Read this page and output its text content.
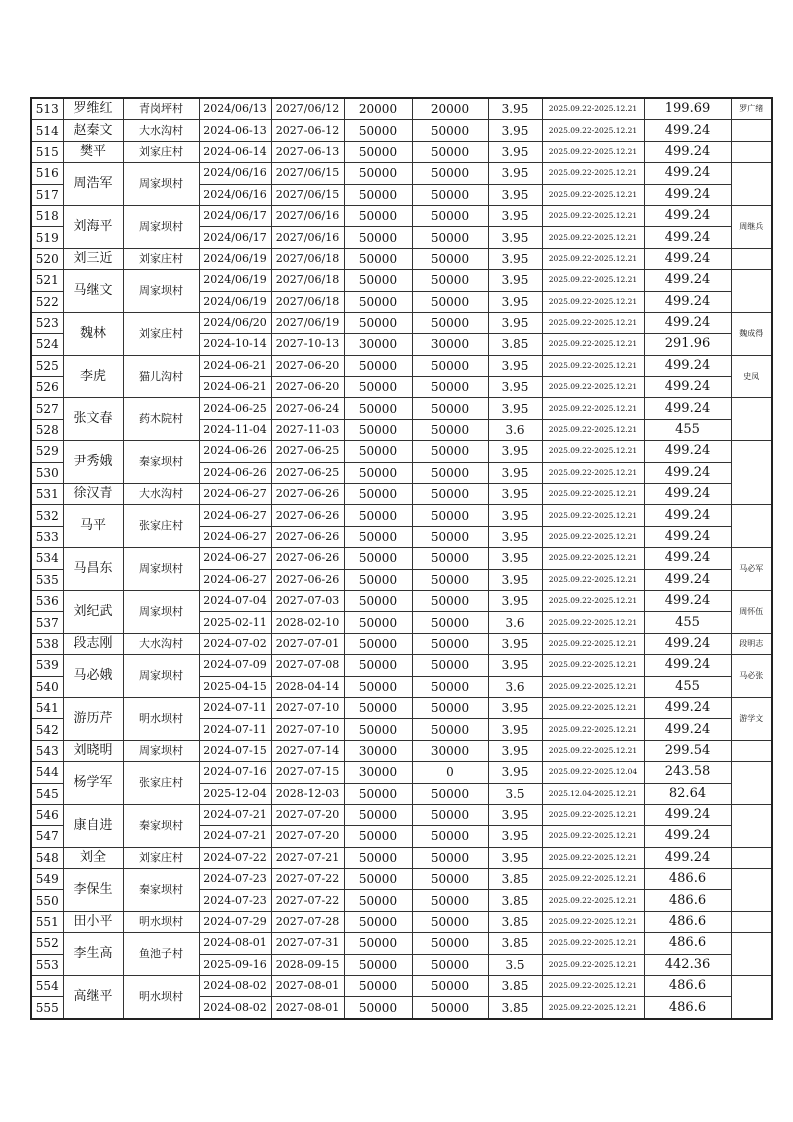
513	罗维红	青岗坪村	2024/06/13	2027/06/12	20000	20000	3.95	2025.09.22-2025.12.21	199.69	罗广绪
514	赵秦文	大水沟村	2024-06-13	2027-06-12	50000	50000	3.95	2025.09.22-2025.12.21	499.24	
515	樊平	刘家庄村	2024-06-14	2027-06-13	50000	50000	3.95	2025.09.22-2025.12.21	499.24	
516	周浩军	周家坝村	2024/06/16	2027/06/15	50000	50000	3.95	2025.09.22-2025.12.21	499.24	
517			2024/06/16	2027/06/15	50000	50000	3.95	2025.09.22-2025.12.21	499.24	
518	刘海平	周家坝村	2024/06/17	2027/06/16	50000	50000	3.95	2025.09.22-2025.12.21	499.24	周继兵
519			2024/06/17	2027/06/16	50000	50000	3.95	2025.09.22-2025.12.21	499.24	
520	刘三近	刘家庄村	2024/06/19	2027/06/18	50000	50000	3.95	2025.09.22-2025.12.21	499.24	
521	马继文	周家坝村	2024/06/19	2027/06/18	50000	50000	3.95	2025.09.22-2025.12.21	499.24	
522			2024/06/19	2027/06/18	50000	50000	3.95	2025.09.22-2025.12.21	499.24	
523	魏林	刘家庄村	2024/06/20	2027/06/19	50000	50000	3.95	2025.09.22-2025.12.21	499.24	魏成得
524			2024-10-14	2027-10-13	30000	30000	3.85	2025.09.22-2025.12.21	291.96	
525	李虎	猫儿沟村	2024-06-21	2027-06-20	50000	50000	3.95	2025.09.22-2025.12.21	499.24	史凤
526			2024-06-21	2027-06-20	50000	50000	3.95	2025.09.22-2025.12.21	499.24	
527	张文春	药木院村	2024-06-25	2027-06-24	50000	50000	3.95	2025.09.22-2025.12.21	499.24	
528			2024-11-04	2027-11-03	50000	50000	3.6	2025.09.22-2025.12.21	455	
529	尹秀娥	秦家坝村	2024-06-26	2027-06-25	50000	50000	3.95	2025.09.22-2025.12.21	499.24	
530			2024-06-26	2027-06-25	50000	50000	3.95	2025.09.22-2025.12.21	499.24	
531	徐汉青	大水沟村	2024-06-27	2027-06-26	50000	50000	3.95	2025.09.22-2025.12.21	499.24	
532	马平	张家庄村	2024-06-27	2027-06-26	50000	50000	3.95	2025.09.22-2025.12.21	499.24	
533			2024-06-27	2027-06-26	50000	50000	3.95	2025.09.22-2025.12.21	499.24	
534	马昌东	周家坝村	2024-06-27	2027-06-26	50000	50000	3.95	2025.09.22-2025.12.21	499.24	马必军
535			2024-06-27	2027-06-26	50000	50000	3.95	2025.09.22-2025.12.21	499.24	
536	刘纪武	周家坝村	2024-07-04	2027-07-03	50000	50000	3.95	2025.09.22-2025.12.21	499.24	周怀伍
537			2025-02-11	2028-02-10	50000	50000	3.6	2025.09.22-2025.12.21	455	
538	段志刚	大水沟村	2024-07-02	2027-07-01	50000	50000	3.95	2025.09.22-2025.12.21	499.24	段明志
539	马必娥	周家坝村	2024-07-09	2027-07-08	50000	50000	3.95	2025.09.22-2025.12.21	499.24	马必张
540			2025-04-15	2028-04-14	50000	50000	3.6	2025.09.22-2025.12.21	455	
541	游历芹	明水坝村	2024-07-11	2027-07-10	50000	50000	3.95	2025.09.22-2025.12.21	499.24	游学文
542			2024-07-11	2027-07-10	50000	50000	3.95	2025.09.22-2025.12.21	499.24	
543	刘晓明	周家坝村	2024-07-15	2027-07-14	30000	30000	3.95	2025.09.22-2025.12.21	299.54	
544	杨学军	张家庄村	2024-07-16	2027-07-15	30000	0	3.95	2025.09.22-2025.12.04	243.58	
545			2025-12-04	2028-12-03	50000	50000	3.5	2025.12.04-2025.12.21	82.64	
546	康自进	秦家坝村	2024-07-21	2027-07-20	50000	50000	3.95	2025.09.22-2025.12.21	499.24	
547			2024-07-21	2027-07-20	50000	50000	3.95	2025.09.22-2025.12.21	499.24	
548	刘全	刘家庄村	2024-07-22	2027-07-21	50000	50000	3.95	2025.09.22-2025.12.21	499.24	
549	李保生	秦家坝村	2024-07-23	2027-07-22	50000	50000	3.85	2025.09.22-2025.12.21	486.6	
550			2024-07-23	2027-07-22	50000	50000	3.85	2025.09.22-2025.12.21	486.6	
551	田小平	明水坝村	2024-07-29	2027-07-28	50000	50000	3.85	2025.09.22-2025.12.21	486.6	
552	李生高	鱼池子村	2024-08-01	2027-07-31	50000	50000	3.85	2025.09.22-2025.12.21	486.6	
553			2025-09-16	2028-09-15	50000	50000	3.5	2025.09.22-2025.12.21	442.36	
554	高继平	明水坝村	2024-08-02	2027-08-01	50000	50000	3.85	2025.09.22-2025.12.21	486.6	
555			2024-08-02	2027-08-01	50000	50000	3.85	2025.09.22-2025.12.21	486.6	
